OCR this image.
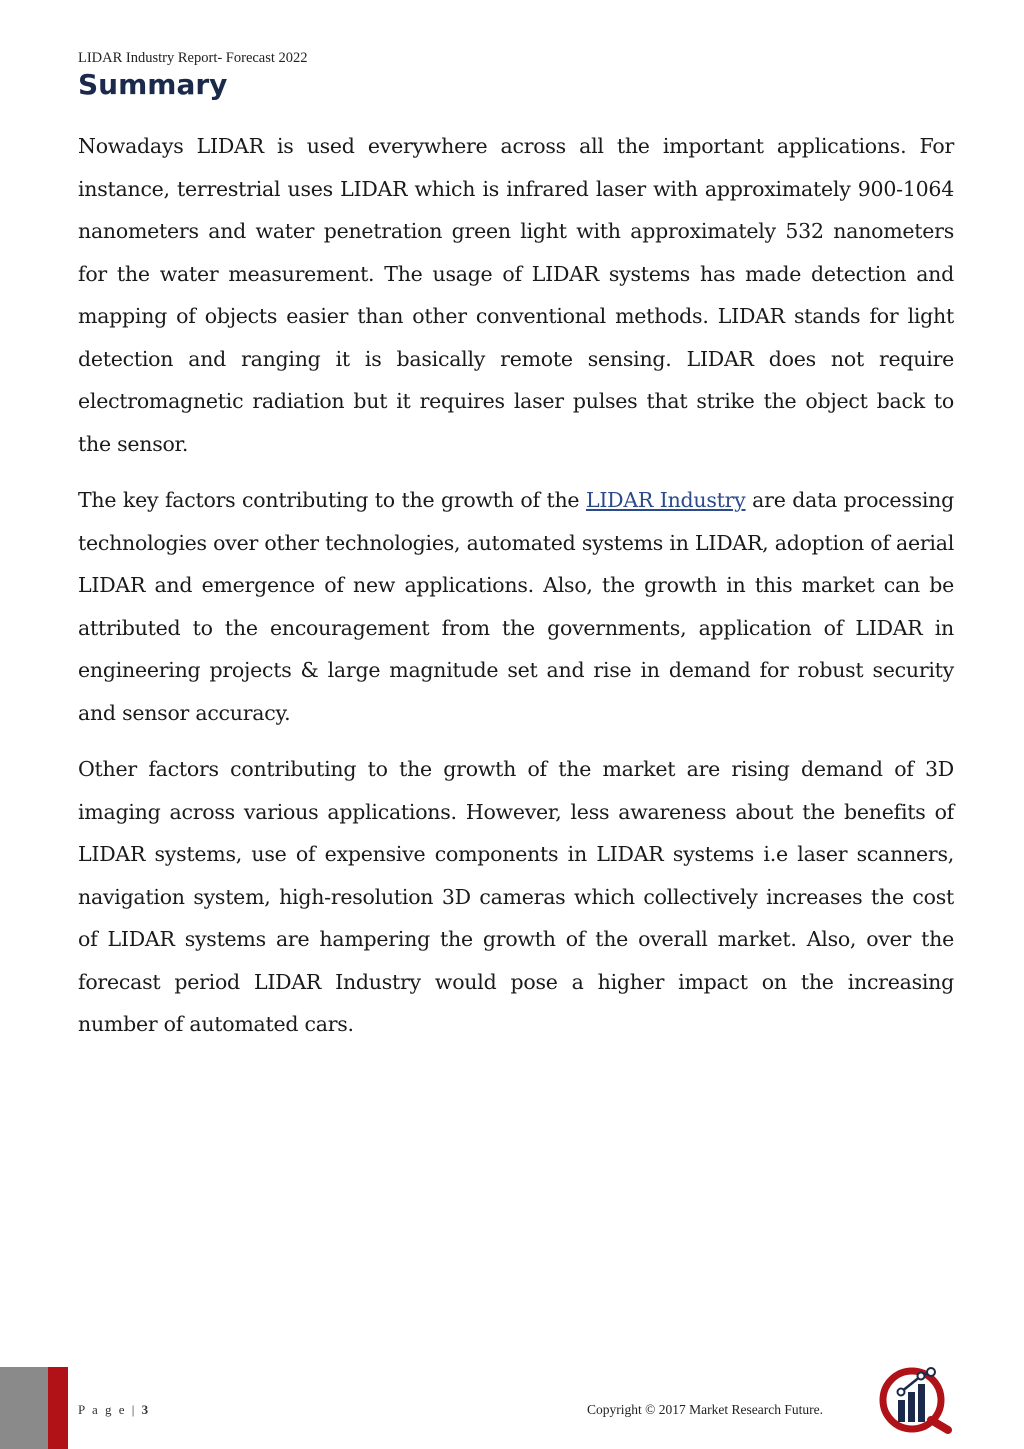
LIDAR Industry Report- Forecast 2022
Summary

Nowadays LIDAR is used everywhere across all the important applications. For instance, terrestrial uses LIDAR which is infrared laser with approximately 900-1064 nanometers and water penetration green light with approximately 532 nanometers for the water measurement. The usage of LIDAR systems has made detection and mapping of objects easier than other conventional methods. LIDAR stands for light detection and ranging it is basically remote sensing. LIDAR does not require electromagnetic radiation but it requires laser pulses that strike the object back to the sensor.

The key factors contributing to the growth of the LIDAR Industry are data processing technologies over other technologies, automated systems in LIDAR, adoption of aerial LIDAR and emergence of new applications. Also, the growth in this market can be attributed to the encouragement from the governments, application of LIDAR in engineering projects & large magnitude set and rise in demand for robust security and sensor accuracy.

Other factors contributing to the growth of the market are rising demand of 3D imaging across various applications. However, less awareness about the benefits of LIDAR systems, use of expensive components in LIDAR systems i.e laser scanners, navigation system, high-resolution 3D cameras which collectively increases the cost of LIDAR systems are hampering the growth of the overall market. Also, over the forecast period LIDAR Industry would pose a higher impact on the increasing number of automated cars.

P a g e | 3	Copyright © 2017 Market Research Future.
